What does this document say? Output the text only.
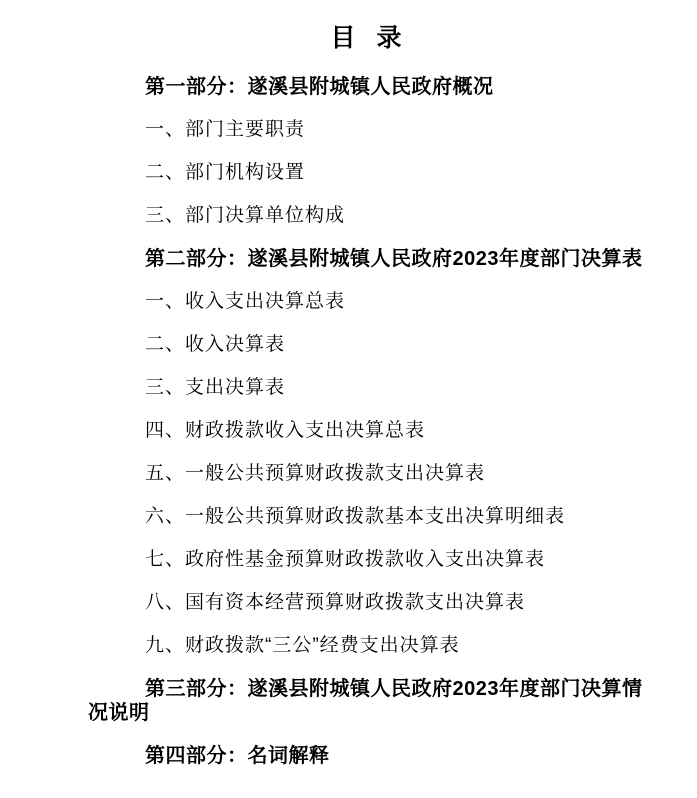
目 录

第一部分：遂溪县附城镇人民政府概况

一、部门主要职责

二、部门机构设置

三、部门决算单位构成

第二部分：遂溪县附城镇人民政府2023年度部门决算表

一、收入支出决算总表

二、收入决算表

三、支出决算表

四、财政拨款收入支出决算总表

五、一般公共预算财政拨款支出决算表

六、一般公共预算财政拨款基本支出决算明细表

七、政府性基金预算财政拨款收入支出决算表

八、国有资本经营预算财政拨款支出决算表

九、财政拨款“三公”经费支出决算表

第三部分：遂溪县附城镇人民政府2023年度部门决算情况说明

第四部分：名词解释
